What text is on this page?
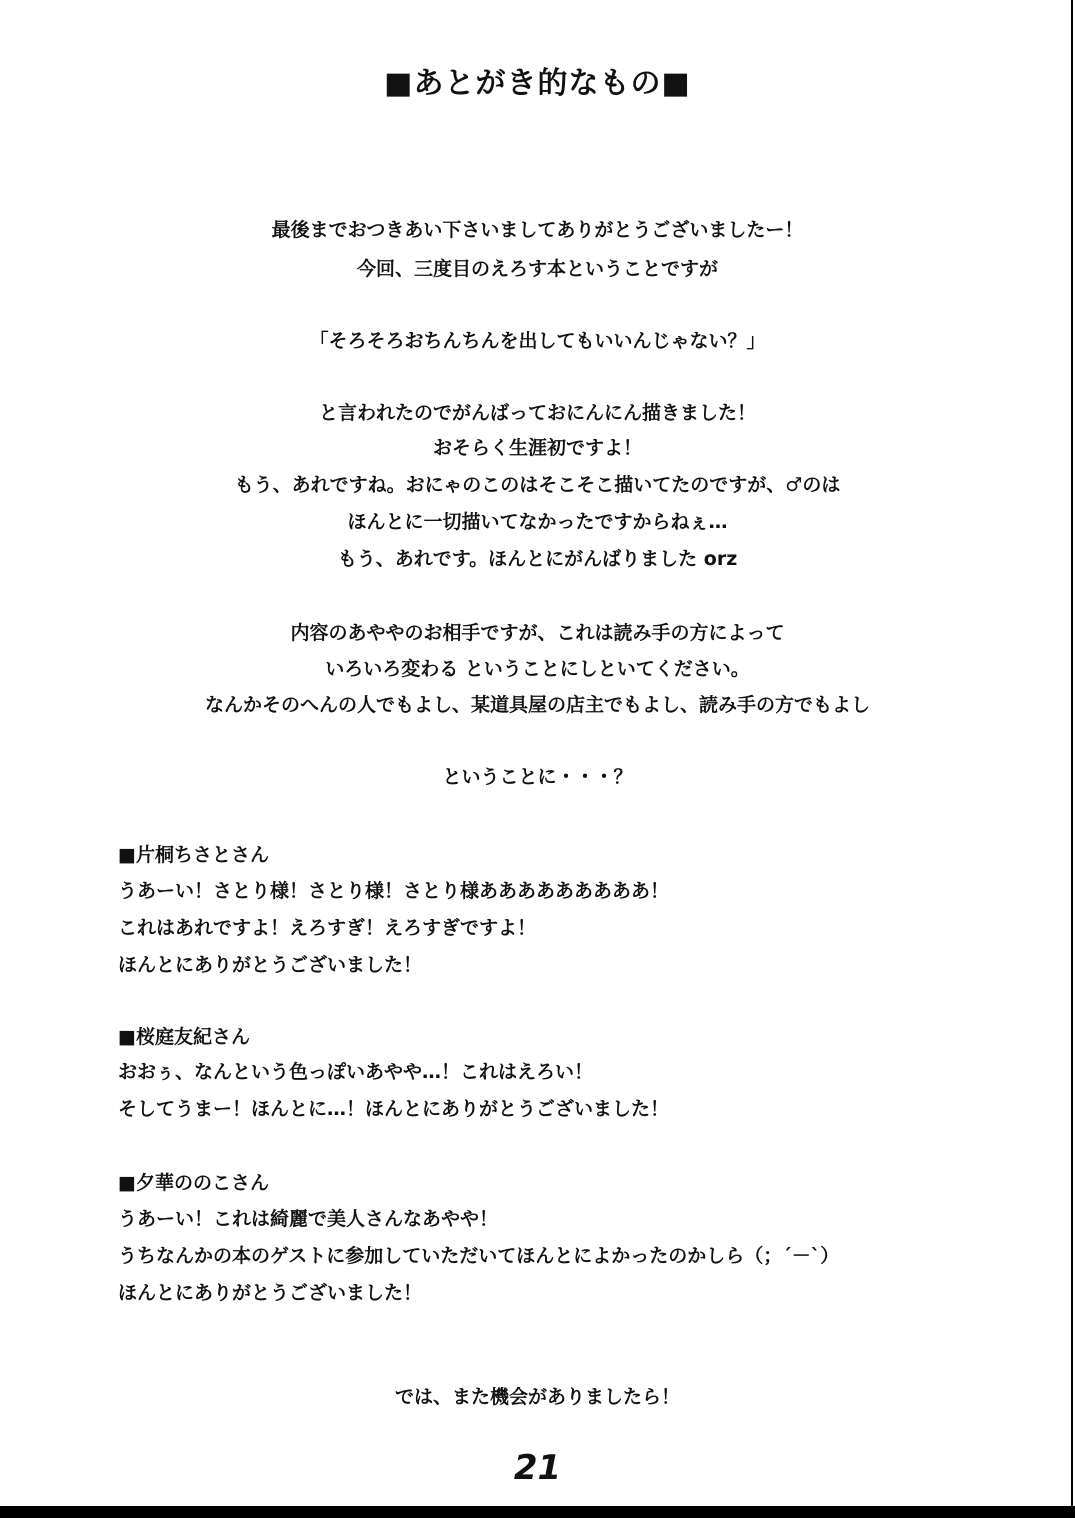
■あとがき的なもの■
最後までおつきあい下さいましてありがとうございましたー！
今回、三度目のえろす本ということですが
「そろそろおちんちんを出してもいいんじゃない？」
と言われたのでがんばっておにんにん描きました！
おそらく生涯初ですよ！
もう、あれですね。おにゃのこのはそこそこ描いてたのですが、♂のは
ほんとに一切描いてなかったですからねぇ…
もう、あれです。ほんとにがんばりました orz
内容のあややのお相手ですが、これは読み手の方によって
いろいろ変わる ということにしといてください。
なんかそのへんの人でもよし、某道具屋の店主でもよし、読み手の方でもよし
ということに・・・？
■片桐ちさとさん
うあーい！さとり様！さとり様！さとり様あああああああああ！
これはあれですよ！えろすぎ！えろすぎですよ！
ほんとにありがとうございました！
■桜庭友紀さん
おおぅ、なんという色っぽいあやや…！これはえろい！
そしてうまー！ほんとに…！ほんとにありがとうございました！
■夕華ののこさん
うあーい！これは綺麗で美人さんなあやや！
うちなんかの本のゲストに参加していただいてほんとによかったのかしら（；´－`）
ほんとにありがとうございました！
では、また機会がありましたら！
21
